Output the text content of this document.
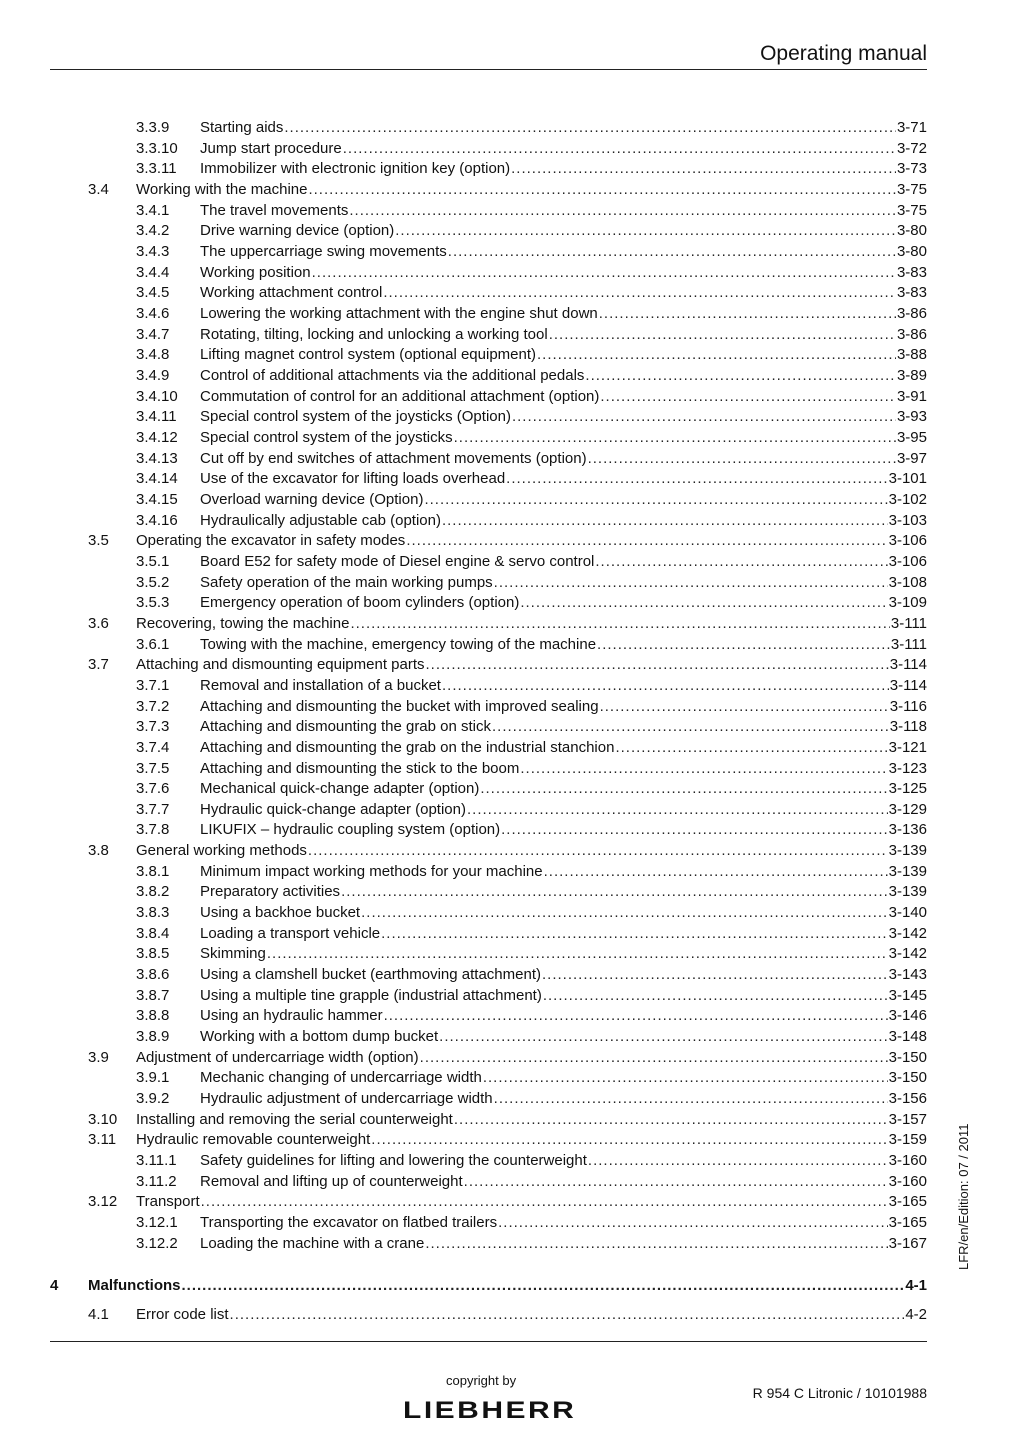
Operating manual
3.3.9 Starting aids .....	3-71
3.3.10 Jump start procedure .....	3-72
3.3.11 Immobilizer with electronic ignition key (option) .....	3-73
3.4 Working with the machine .....	3-75
3.4.1 The travel movements .....	3-75
3.4.2 Drive warning device (option) .....	3-80
3.4.3 The uppercarriage swing movements .....	3-80
3.4.4 Working position .....	3-83
3.4.5 Working attachment control .....	3-83
3.4.6 Lowering the working attachment with the engine shut down .....	3-86
3.4.7 Rotating, tilting, locking and unlocking a working tool .....	3-86
3.4.8 Lifting magnet control system (optional equipment) .....	3-88
3.4.9 Control of additional attachments via the additional pedals .....	3-89
3.4.10 Commutation of control for an additional attachment (option) .....	3-91
3.4.11 Special control system of the joysticks (Option) .....	3-93
3.4.12 Special control system of the joysticks .....	3-95
3.4.13 Cut off by end switches of attachment movements (option) .....	3-97
3.4.14 Use of the excavator for lifting loads overhead .....	3-101
3.4.15 Overload warning device (Option) .....	3-102
3.4.16 Hydraulically adjustable cab (option) .....	3-103
3.5 Operating the excavator in safety modes .....	3-106
3.5.1 Board E52 for safety mode of Diesel engine & servo control .....	3-106
3.5.2 Safety operation of the main working pumps .....	3-108
3.5.3 Emergency operation of boom cylinders (option) .....	3-109
3.6 Recovering, towing the machine .....	3-111
3.6.1 Towing with the machine, emergency towing of the machine .....	3-111
3.7 Attaching and dismounting equipment parts .....	3-114
3.7.1 Removal and installation of a bucket .....	3-114
3.7.2 Attaching and dismounting the bucket with improved sealing .....	3-116
3.7.3 Attaching and dismounting the grab on stick .....	3-118
3.7.4 Attaching and dismounting the grab on the industrial stanchion .....	3-121
3.7.5 Attaching and dismounting the stick to the boom .....	3-123
3.7.6 Mechanical quick-change adapter (option) .....	3-125
3.7.7 Hydraulic quick-change adapter (option) .....	3-129
3.7.8 LIKUFIX – hydraulic coupling system (option) .....	3-136
3.8 General working methods .....	3-139
3.8.1 Minimum impact working methods for your machine .....	3-139
3.8.2 Preparatory activities .....	3-139
3.8.3 Using a backhoe bucket .....	3-140
3.8.4 Loading a transport vehicle .....	3-142
3.8.5 Skimming .....	3-142
3.8.6 Using a clamshell bucket (earthmoving attachment) .....	3-143
3.8.7 Using a multiple tine grapple (industrial attachment) .....	3-145
3.8.8 Using an hydraulic hammer .....	3-146
3.8.9 Working with a bottom dump bucket .....	3-148
3.9 Adjustment of undercarriage width (option) .....	3-150
3.9.1 Mechanic changing of undercarriage width .....	3-150
3.9.2 Hydraulic adjustment of undercarriage width .....	3-156
3.10 Installing and removing the serial counterweight .....	3-157
3.11 Hydraulic removable counterweight .....	3-159
3.11.1 Safety guidelines for lifting and lowering the counterweight .....	3-160
3.11.2 Removal and lifting up of counterweight .....	3-160
3.12 Transport .....	3-165
3.12.1 Transporting the excavator on flatbed trailers .....	3-165
3.12.2 Loading the machine with a crane .....	3-167
4 Malfunctions .....	4-1
4.1 Error code list .....	4-2
LFR/en/Edition: 07 / 2011
copyright by
LIEBHERR
R 954 C Litronic / 10101988
